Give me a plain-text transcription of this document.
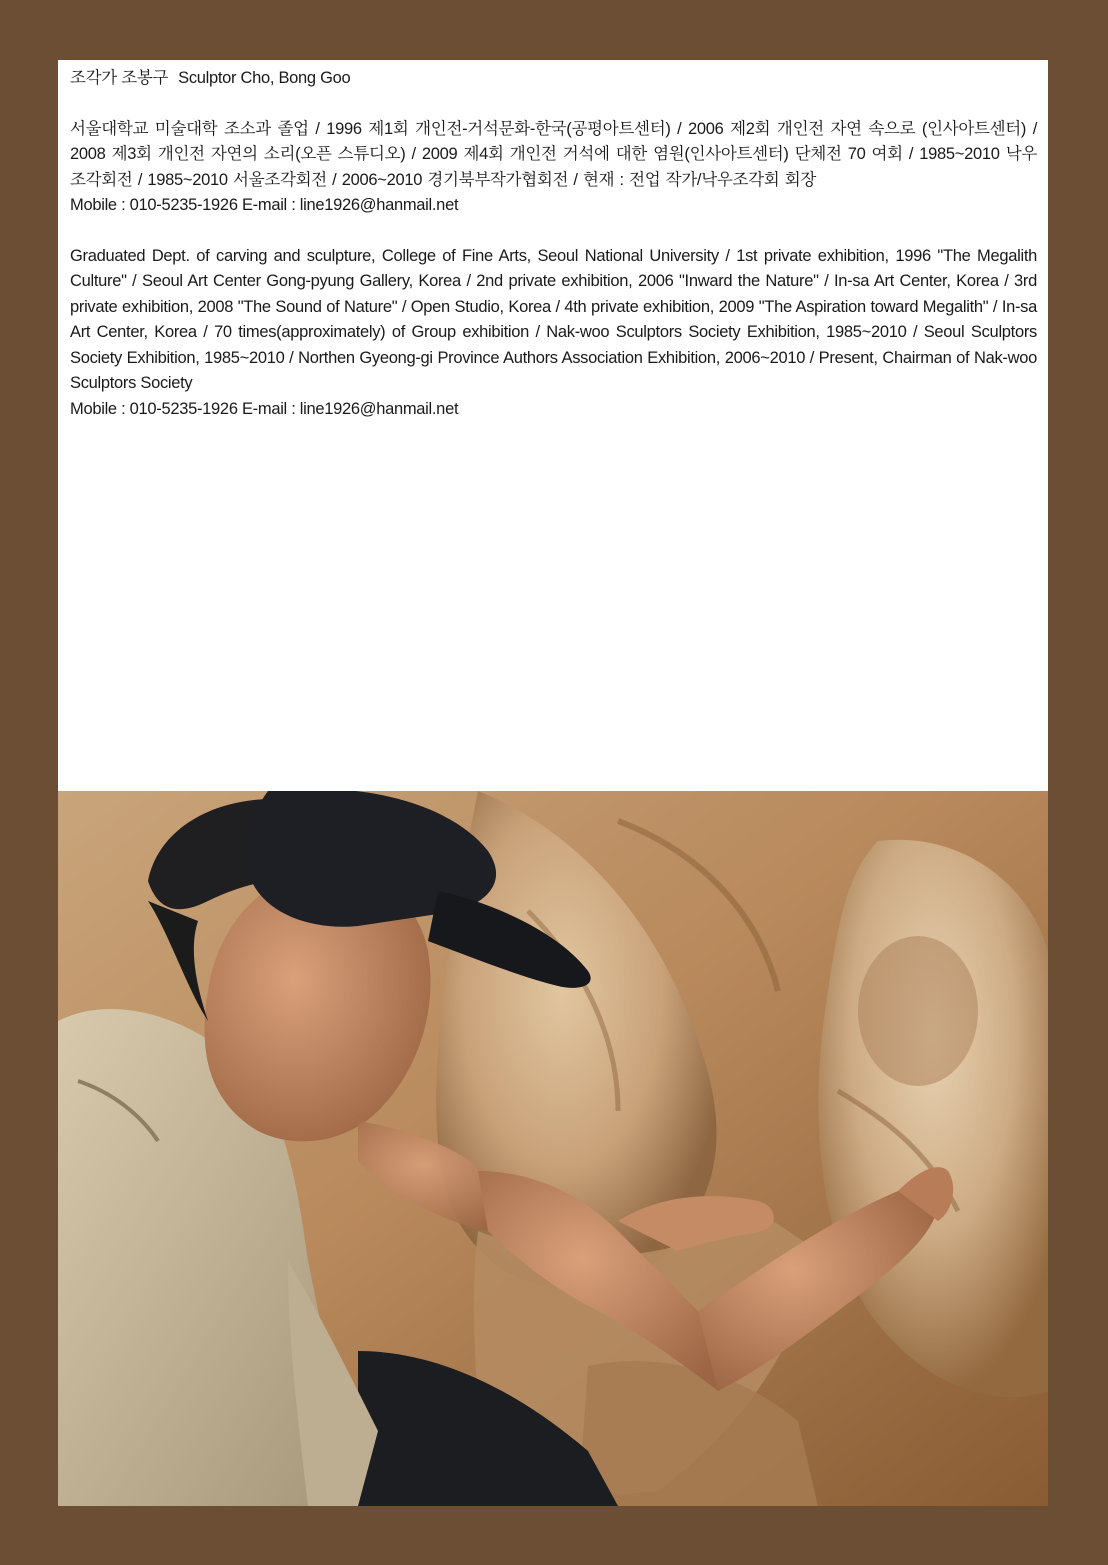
조각가 조봉구 Sculptor Cho, Bong Goo

서울대학교 미술대학 조소과 졸업 / 1996 제1회 개인전-거석문화-한국(공평아트센터) / 2006 제2회 개인전 자연 속으로 (인사아트센터) / 2008 제3회 개인전 자연의 소리(오픈 스튜디오) / 2009 제4회 개인전 거석에 대한 염원(인사아트센터) 단체전 70 여회 / 1985~2010 낙우조각회전 / 1985~2010 서울조각회전 / 2006~2010 경기북부작가협회전 / 현재 : 전업 작가/낙우조각회 회장

Mobile : 010-5235-1926 E-mail : line1926@hanmail.net

Graduated Dept. of carving and sculpture, College of Fine Arts, Seoul National University / 1st private exhibition, 1996 "The Megalith Culture" / Seoul Art Center Gong-pyung Gallery, Korea / 2nd private exhibition, 2006 "Inward the Nature" / In-sa Art Center, Korea / 3rd private exhibition, 2008 "The Sound of Nature" / Open Studio, Korea / 4th private exhibition, 2009 "The Aspiration toward Megalith" / In-sa Art Center, Korea / 70 times(approximately) of Group exhibition / Nak-woo Sculptors Society Exhibition, 1985~2010 / Seoul Sculptors Society Exhibition, 1985~2010 / Northen Gyeong-gi Province Authors Association Exhibition, 2006~2010 / Present, Chairman of Nak-woo Sculptors Society

Mobile : 010-5235-1926 E-mail : line1926@hanmail.net
